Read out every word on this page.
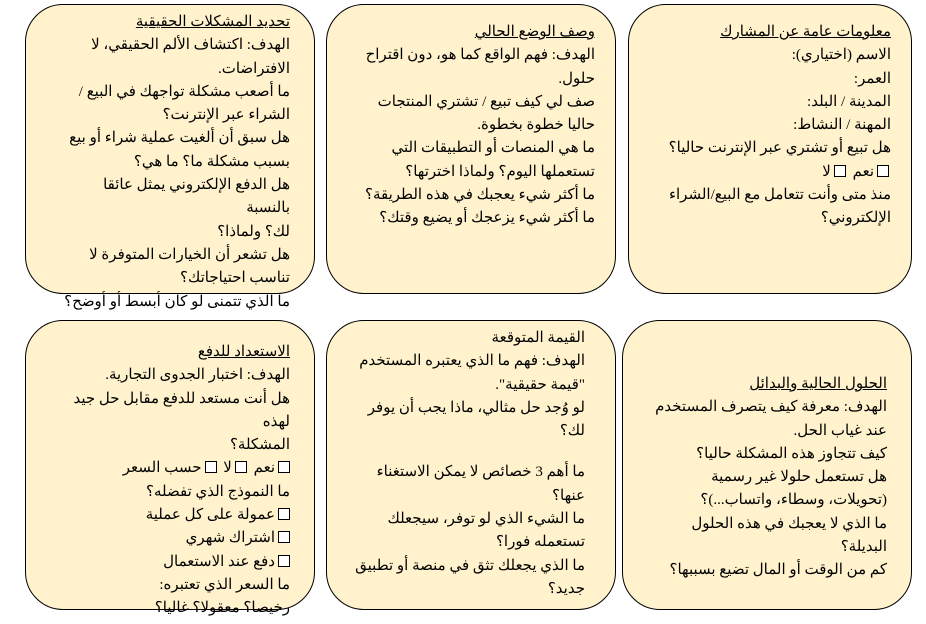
معلومات عامة عن المشارك
الاسم (اختياري):
العمر:
المدينة / البلد:
المهنة / النشاط:
هل تبيع أو تشتري عبر الإنترنت حاليا؟
نعم لا
منذ متى وأنت تتعامل مع البيع/الشراء
الإلكتروني؟
وصف الوضع الحالي
الهدف: فهم الواقع كما هو، دون اقتراح
حلول.
صف لي كيف تبيع / تشتري المنتجات
حاليا خطوة بخطوة.
ما هي المنصات أو التطبيقات التي
تستعملها اليوم؟ ولماذا اخترتها؟
ما أكثر شيء يعجبك في هذه الطريقة؟
ما أكثر شيء يزعجك أو يضيع وقتك؟
تحديد المشكلات الحقيقية
الهدف: اكتشاف الألم الحقيقي، لا
الافتراضات.
ما أصعب مشكلة تواجهك في البيع /
الشراء عبر الإنترنت؟
هل سبق أن ألغيت عملية شراء أو بيع
بسبب مشكلة ما؟ ما هي؟
هل الدفع الإلكتروني يمثل عائقا بالنسبة
لك؟ ولماذا؟
هل تشعر أن الخيارات المتوفرة لا
تناسب احتياجاتك؟
ما الذي تتمنى لو كان أبسط أو أوضح؟
الحلول الحالية والبدائل
الهدف: معرفة كيف يتصرف المستخدم
عند غياب الحل.
كيف تتجاوز هذه المشكلة حاليا؟
هل تستعمل حلولا غير رسمية
(تحويلات، وسطاء، واتساب...)؟
ما الذي لا يعجبك في هذه الحلول البديلة؟
كم من الوقت أو المال تضيع بسببها؟
القيمة المتوقعة
الهدف: فهم ما الذي يعتبره المستخدم
"قيمة حقيقية".
لو وُجد حل مثالي، ماذا يجب أن يوفر
لك؟
ما أهم 3 خصائص لا يمكن الاستغناء
عنها؟
ما الشيء الذي لو توفر، سيجعلك
تستعمله فورا؟
ما الذي يجعلك تثق في منصة أو تطبيق
جديد؟
الاستعداد للدفع
الهدف: اختبار الجدوى التجارية.
هل أنت مستعد للدفع مقابل حل جيد لهذه
المشكلة؟
نعم لا حسب السعر
ما النموذج الذي تفضله؟
عمولة على كل عملية
اشتراك شهري
دفع عند الاستعمال
ما السعر الذي تعتبره:
رخيصا؟ معقولا؟ غاليا؟
